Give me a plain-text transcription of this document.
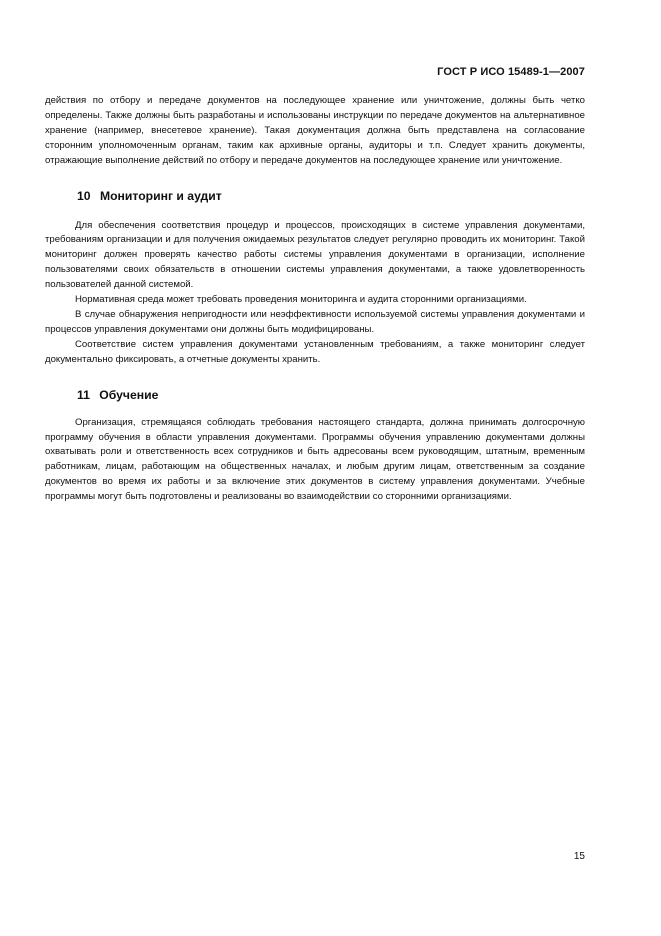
ГОСТ Р ИСО 15489-1—2007

действия по отбору и передаче документов на последующее хранение или уничтожение, должны быть четко определены. Также должны быть разработаны и использованы инструкции по передаче документов на альтернативное хранение (например, внесетевое хранение). Такая документация должна быть представлена на согласование сторонним уполномоченным органам, таким как архивные органы, аудиторы и т.п. Следует хранить документы, отражающие выполнение действий по отбору и передаче документов на последующее хранение или уничтожение.

10 Мониторинг и аудит

Для обеспечения соответствия процедур и процессов, происходящих в системе управления документами, требованиям организации и для получения ожидаемых результатов следует регулярно проводить их мониторинг. Такой мониторинг должен проверять качество работы системы управления документами в организации, исполнение пользователями своих обязательств в отношении системы управления документами, а также удовлетворенность пользователей данной системой.

Нормативная среда может требовать проведения мониторинга и аудита сторонними организациями.

В случае обнаружения непригодности или неэффективности используемой системы управления документами и процессов управления документами они должны быть модифицированы.

Соответствие систем управления документами установленным требованиям, а также мониторинг следует документально фиксировать, а отчетные документы хранить.

11 Обучение

Организация, стремящаяся соблюдать требования настоящего стандарта, должна принимать долгосрочную программу обучения в области управления документами. Программы обучения управлению документами должны охватывать роли и ответственность всех сотрудников и быть адресованы всем руководящим, штатным, временным работникам, лицам, работающим на общественных началах, и любым другим лицам, ответственным за создание документов во время их работы и за включение этих документов в систему управления документами. Учебные программы могут быть подготовлены и реализованы во взаимодействии со сторонними организациями.

15
